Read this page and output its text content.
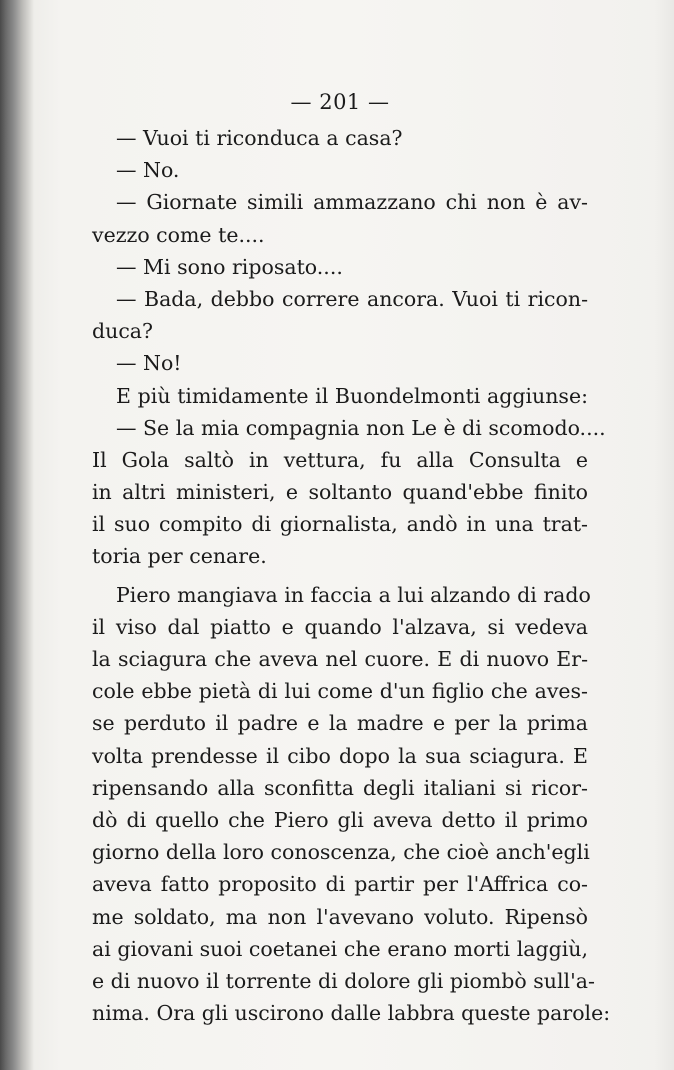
— 201 —
— Vuoi ti riconduca a casa?
— No.
— Giornate simili ammazzano chi non è av-
vezzo come te....
— Mi sono riposato....
— Bada, debbo correre ancora. Vuoi ti ricon-
duca?
— No!
E più timidamente il Buondelmonti aggiunse:
— Se la mia compagnia non Le è di scomodo....
Il Gola saltò in vettura, fu alla Consulta e
in altri ministeri, e soltanto quand'ebbe finito
il suo compito di giornalista, andò in una trat-
toria per cenare.
Piero mangiava in faccia a lui alzando di rado
il viso dal piatto e quando l'alzava, si vedeva
la sciagura che aveva nel cuore. E di nuovo Er-
cole ebbe pietà di lui come d'un figlio che aves-
se perduto il padre e la madre e per la prima
volta prendesse il cibo dopo la sua sciagura. E
ripensando alla sconfitta degli italiani si ricor-
dò di quello che Piero gli aveva detto il primo
giorno della loro conoscenza, che cioè anch'egli
aveva fatto proposito di partir per l'Affrica co-
me soldato, ma non l'avevano voluto. Ripensò
ai giovani suoi coetanei che erano morti laggiù,
e di nuovo il torrente di dolore gli piombò sull'a-
nima. Ora gli uscirono dalle labbra queste parole:
